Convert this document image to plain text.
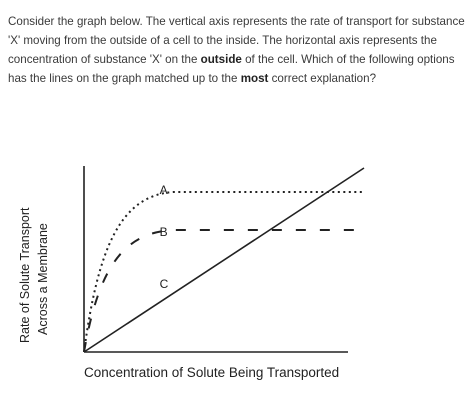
Consider the graph below. The vertical axis represents the rate of transport for substance 'X' moving from the outside of a cell to the inside. The horizontal axis represents the concentration of substance 'X' on the outside of the cell. Which of the following options has the lines on the graph matched up to the most correct explanation?
A
B
C
Rate of Solute Transport Across a Membrane
Concentration of Solute Being Transported
